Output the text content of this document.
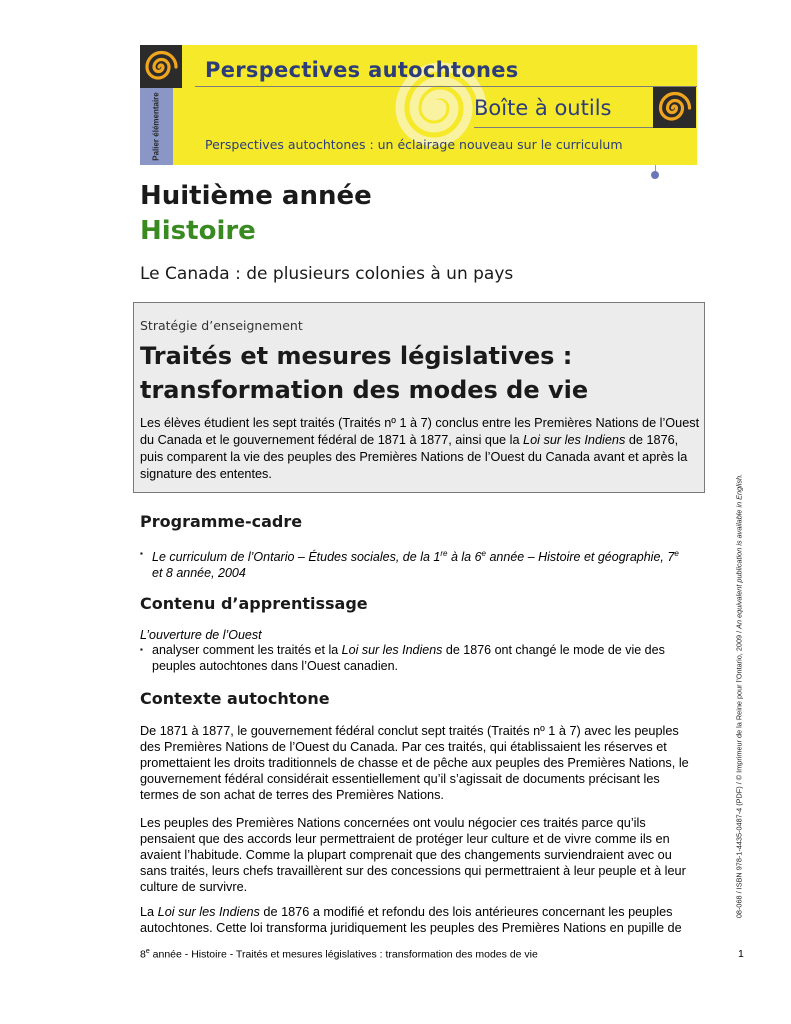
Palier élémentaire
Perspectives autochtones
Boîte à outils
Perspectives autochtones : un éclairage nouveau sur le curriculum
Huitième année
Histoire
Le Canada : de plusieurs colonies à un pays
Stratégie d’enseignement
Traités et mesures législatives :
transformation des modes de vie
Les élèves étudient les sept traités (Traités nº 1 à 7) conclus entre les Premières Nations de l’Ouest du Canada et le gouvernement fédéral de 1871 à 1877, ainsi que la Loi sur les Indiens de 1876, puis comparent la vie des peuples des Premières Nations de l’Ouest du Canada avant et après la signature des ententes.
Programme-cadre
▪ Le curriculum de l’Ontario – Études sociales, de la 1re à la 6e année – Histoire et géographie, 7e et 8 année, 2004
Contenu d’apprentissage
L’ouverture de l’Ouest
▪ analyser comment les traités et la Loi sur les Indiens de 1876 ont changé le mode de vie des peuples autochtones dans l’Ouest canadien.
Contexte autochtone
De 1871 à 1877, le gouvernement fédéral conclut sept traités (Traités nº 1 à 7) avec les peuples des Premières Nations de l’Ouest du Canada. Par ces traités, qui établissaient les réserves et promettaient les droits traditionnels de chasse et de pêche aux peuples des Premières Nations, le gouvernement fédéral considérait essentiellement qu’il s’agissait de documents précisant les termes de son achat de terres des Premières Nations.
Les peuples des Premières Nations concernées ont voulu négocier ces traités parce qu’ils pensaient que des accords leur permettraient de protéger leur culture et de vivre comme ils en avaient l’habitude. Comme la plupart comprenait que des changements surviendraient avec ou sans traités, leurs chefs travaillèrent sur des concessions qui permettraient à leur peuple et à leur culture de survivre.
La Loi sur les Indiens de 1876 a modifié et refondu des lois antérieures concernant les peuples autochtones. Cette loi transforma juridiquement les peuples des Premières Nations en pupille de
8e année - Histoire - Traités et mesures législatives : transformation des modes de vie	1
08-068 / ISBN 978-1-4435-0487-4 (PDF) / © Imprimeur de la Reine pour l’Ontario, 2009 / An equivalent publication is available in English.
